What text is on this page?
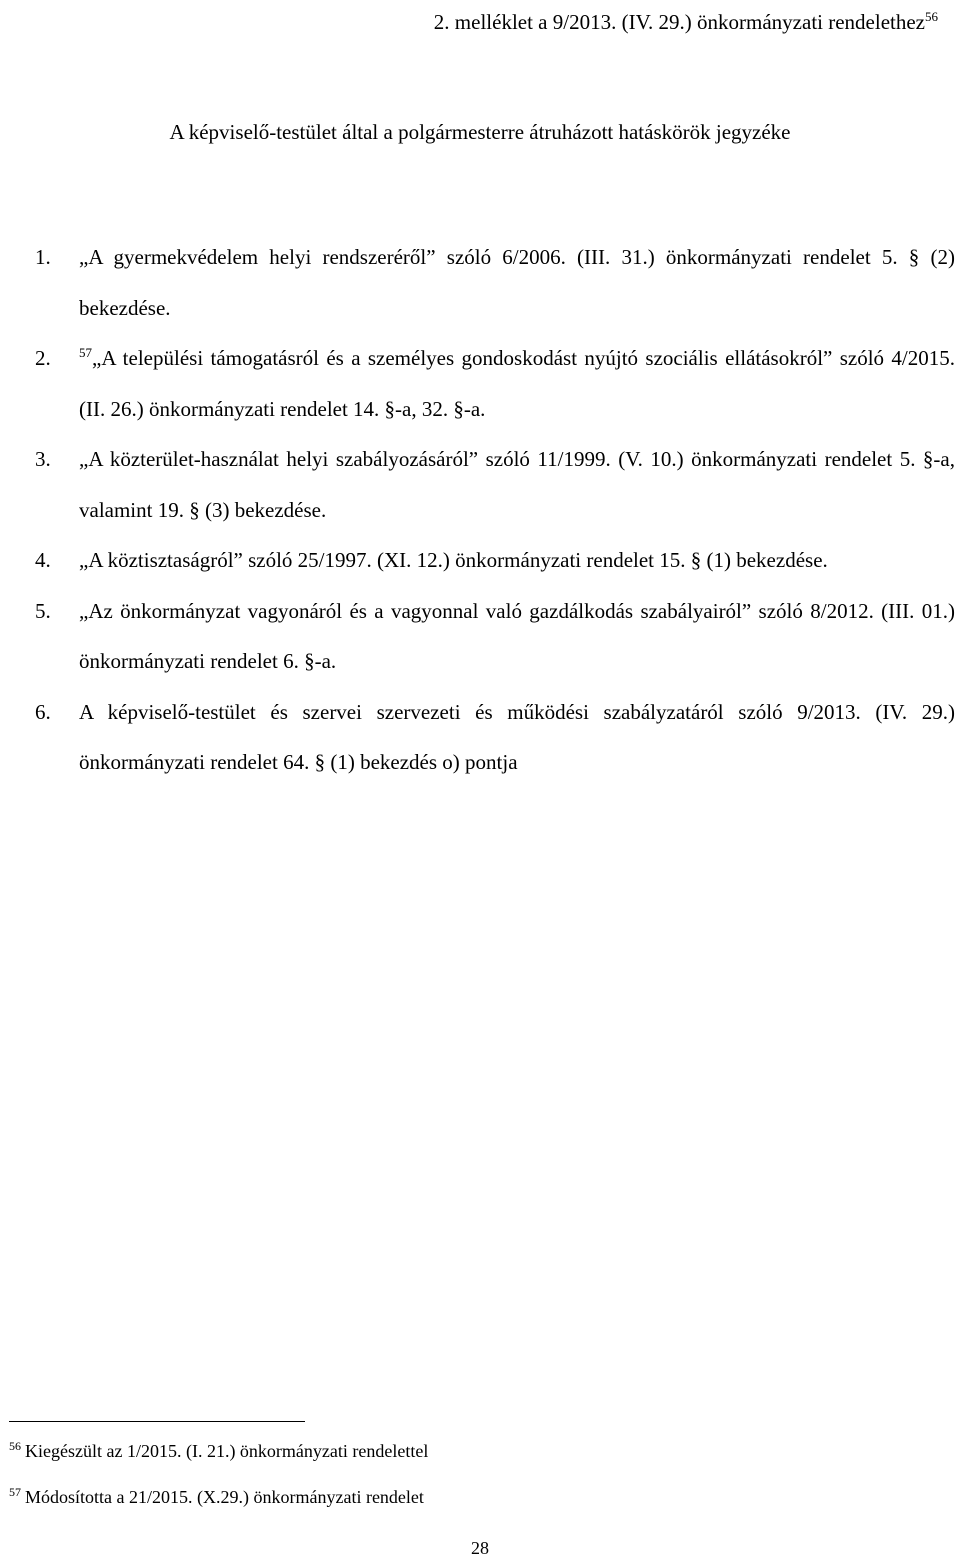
2. melléklet a 9/2013. (IV. 29.) önkormányzati rendelethez$^{56}$
A képviselő-testület által a polgármesterre átruházott hatáskörök jegyzéke
1. „A gyermekvédelem helyi rendszeréről” szóló 6/2006. (III. 31.) önkormányzati rendelet 5. § (2) bekezdése.
2. $^{57}$„A települési támogatásról és a személyes gondoskodást nyújtó szociális ellátásokról” szóló 4/2015. (II. 26.) önkormányzati rendelet 14. §-a, 32. §-a.
3. „A közterület-használat helyi szabályozásáról” szóló 11/1999. (V. 10.) önkormányzati rendelet 5. §-a, valamint 19. § (3) bekezdése.
4. „A köztisztaságról” szóló 25/1997. (XI. 12.) önkormányzati rendelet 15. § (1) bekezdése.
5. „Az önkormányzat vagyonáról és a vagyonnal való gazdálkodás szabályairól” szóló 8/2012. (III. 01.) önkormányzati rendelet 6. §-a.
6. A képviselő-testület és szervei szervezeti és működési szabályzatáról szóló 9/2013. (IV. 29.) önkormányzati rendelet 64. § (1) bekezdés o) pontja
$^{56}$ Kiegészült az 1/2015. (I. 21.) önkormányzati rendelettel
$^{57}$ Módosította a 21/2015. (X.29.) önkormányzati rendelet
28
